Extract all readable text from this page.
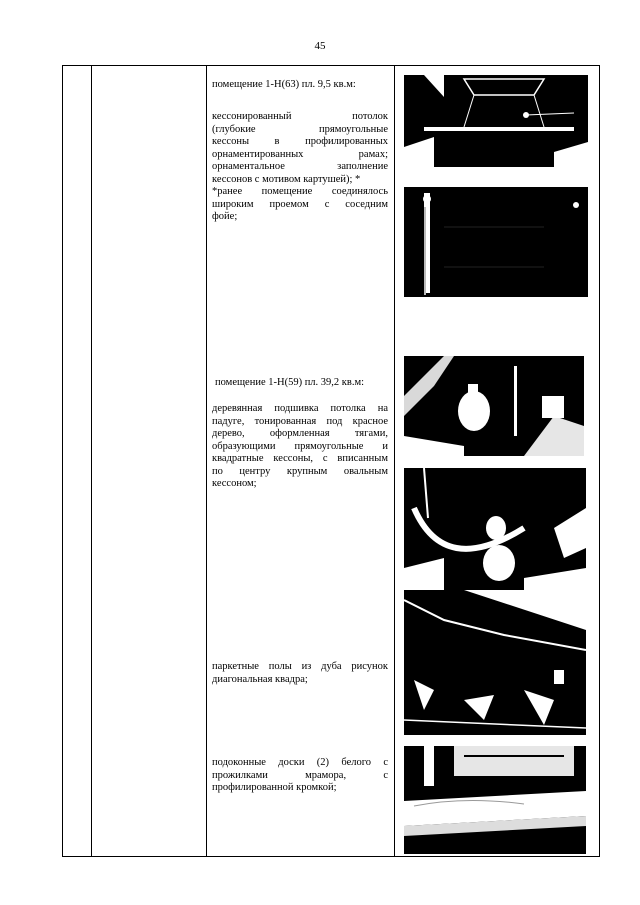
45
помещение 1-Н(63) пл. 9,5 кв.м:
кессонированный потолок
(глубокие прямоугольные
кессоны в профилированных
орнаментированных рамах;
орнаментальное заполнение
кессонов с мотивом картушей); *
*ранее помещение соединялось
широким проемом с соседним
фойе;
помещение 1-Н(59) пл. 39,2 кв.м:
деревянная подшивка потолка на
падуге, тонированная под красное
дерево, оформленная тягами,
образующими прямоугольные и
квадратные кессоны, с вписанным
по центру крупным овальным
кессоном;
паркетные полы из дуба рисунок
диагональная квадра;
подоконные доски (2) белого с
прожилками мрамора, с
профилированной кромкой;
